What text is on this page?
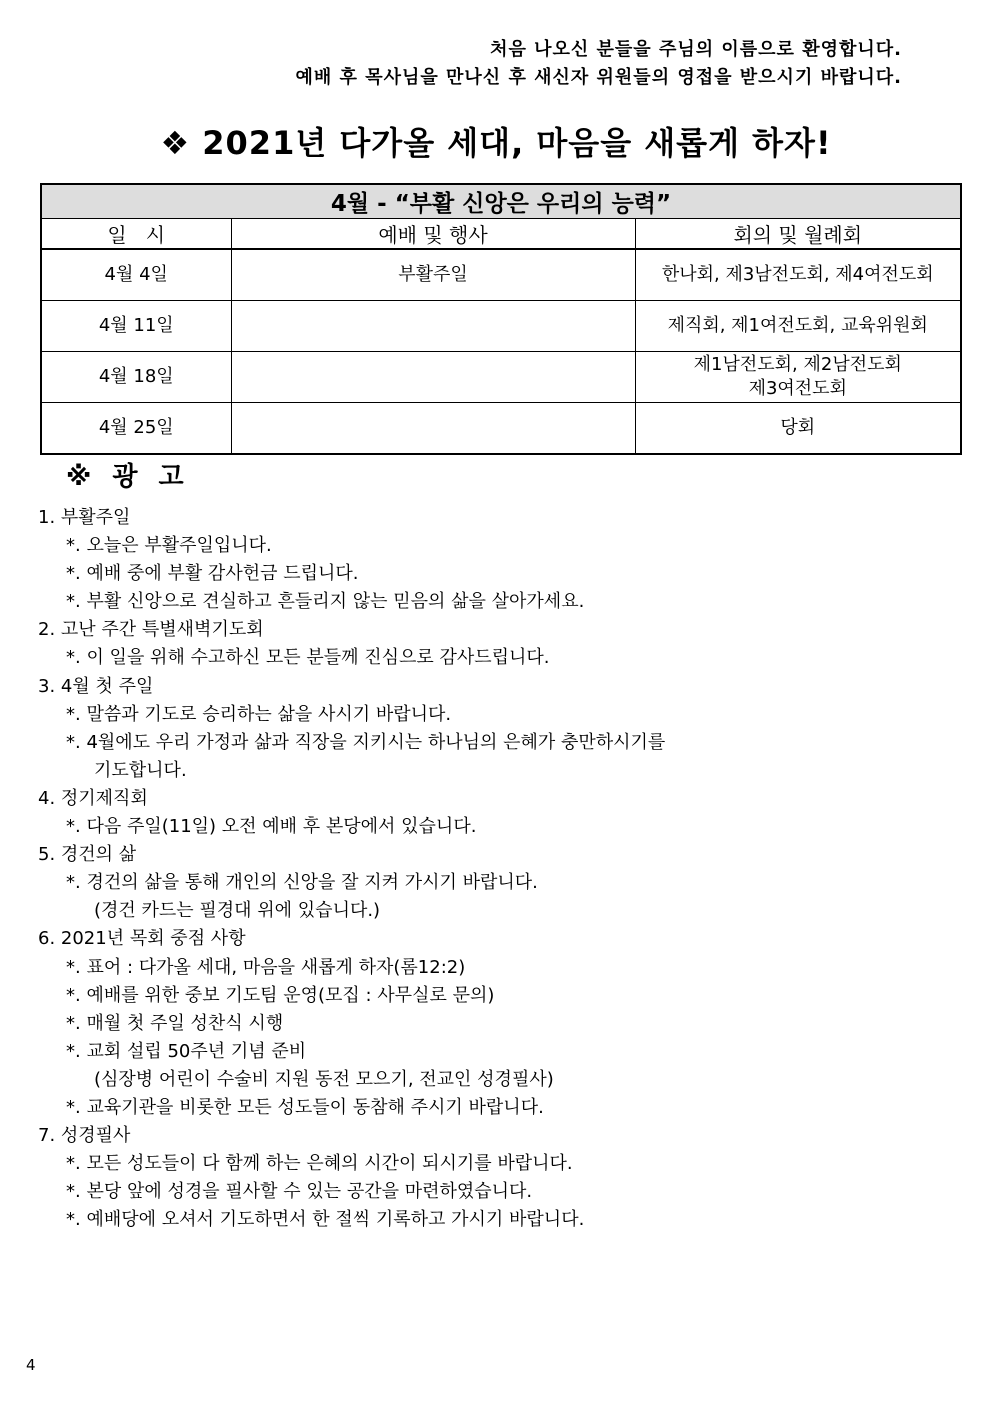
처음 나오신 분들을 주님의 이름으로 환영합니다.
예배 후 목사님을 만나신 후 새신자 위원들의 영접을 받으시기 바랍니다.
❖ 2021년 다가올 세대, 마음을 새롭게 하자!
4월 - “부활 신앙은 우리의 능력”		
일   시	예배 및 행사	회의 및 월례회
4월 4일	부활주일	한나회, 제3남전도회, 제4여전도회
4월 11일		제직회, 제1여전도회, 교육위원회
4월 18일		제1남전도회, 제2남전도회
제3여전도회

4월 25일		당회
※ 광 고
1. 부활주일
*. 오늘은 부활주일입니다.
*. 예배 중에 부활 감사헌금 드립니다.
*. 부활 신앙으로 견실하고 흔들리지 않는 믿음의 삶을 살아가세요.
2. 고난 주간 특별새벽기도회
*. 이 일을 위해 수고하신 모든 분들께 진심으로 감사드립니다.
3. 4월 첫 주일
*. 말씀과 기도로 승리하는 삶을 사시기 바랍니다.
*. 4월에도 우리 가정과 삶과 직장을 지키시는 하나님의 은혜가 충만하시기를
기도합니다.
4. 정기제직회
*. 다음 주일(11일) 오전 예배 후 본당에서 있습니다.
5. 경건의 삶
*. 경건의 삶을 통해 개인의 신앙을 잘 지켜 가시기 바랍니다.
(경건 카드는 필경대 위에 있습니다.)
6. 2021년 목회 중점 사항
*. 표어 : 다가올 세대, 마음을 새롭게 하자(롬12:2)
*. 예배를 위한 중보 기도팀 운영(모집 : 사무실로 문의)
*. 매월 첫 주일 성찬식 시행
*. 교회 설립 50주년 기념 준비
(심장병 어린이 수술비 지원 동전 모으기, 전교인 성경필사)
*. 교육기관을 비롯한 모든 성도들이 동참해 주시기 바랍니다.
7. 성경필사
*. 모든 성도들이 다 함께 하는 은혜의 시간이 되시기를 바랍니다.
*. 본당 앞에 성경을 필사할 수 있는 공간을 마련하였습니다.
*. 예배당에 오셔서 기도하면서 한 절씩 기록하고 가시기 바랍니다.
4
